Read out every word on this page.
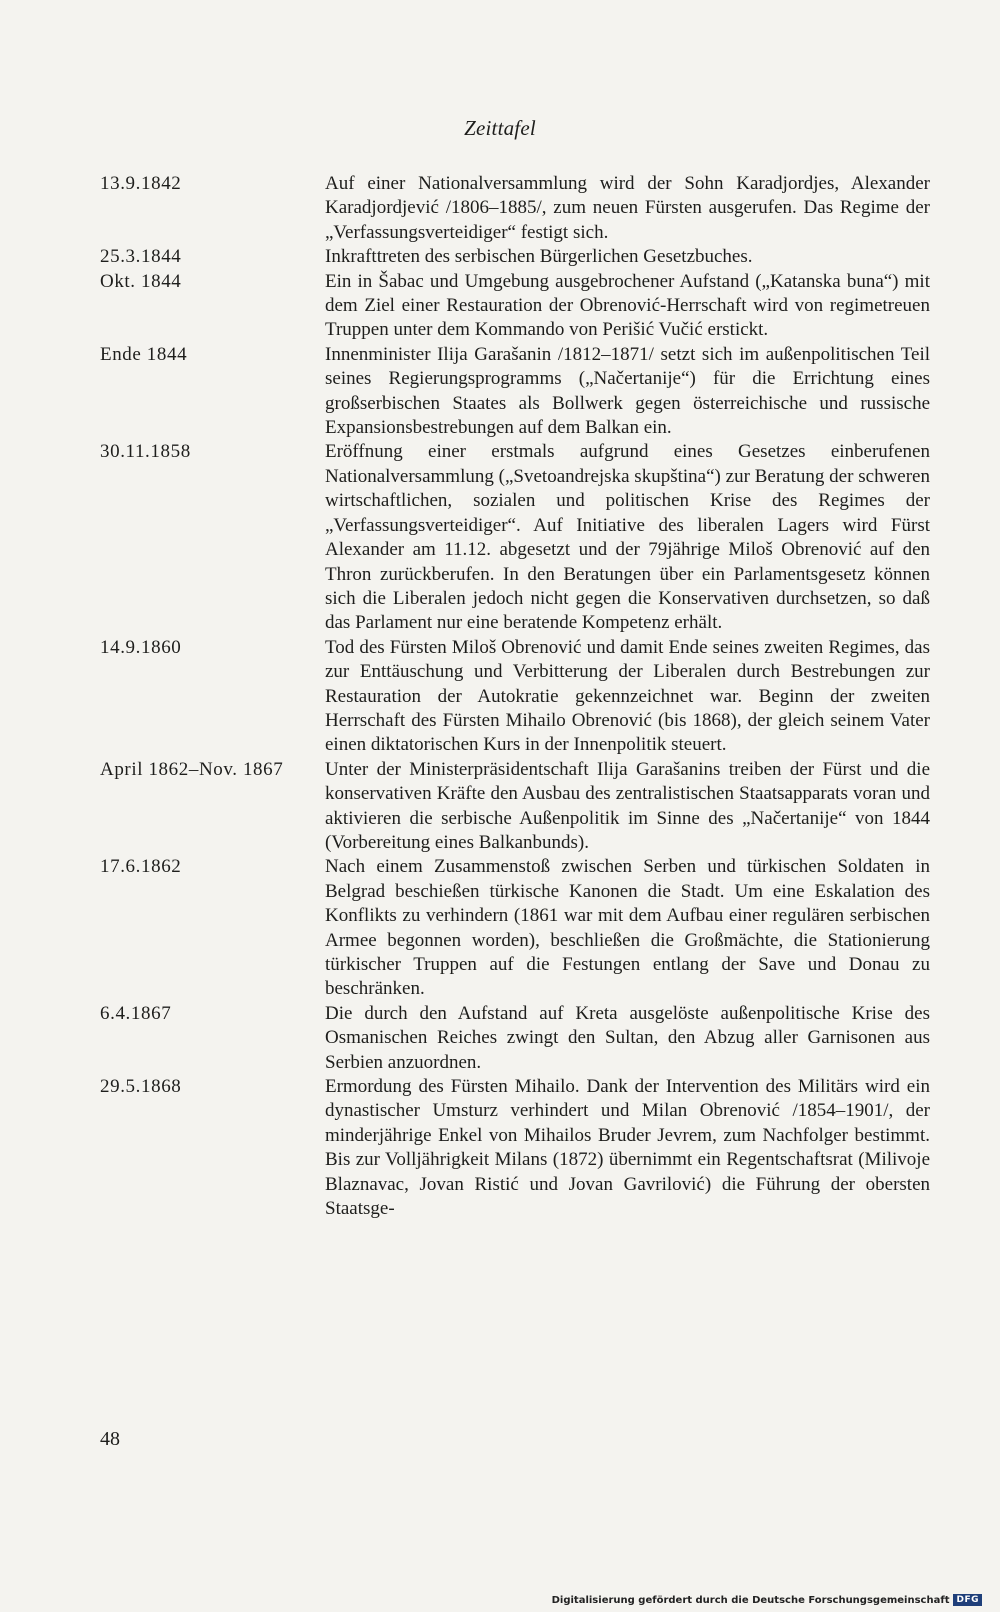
Zeittafel
13.9.1842	Auf einer Nationalversammlung wird der Sohn Karadjordjes, Alexander Karadjordjević /1806–1885/, zum neuen Fürsten ausgerufen. Das Regime der „Verfassungsverteidiger“ festigt sich.
25.3.1844	Inkrafttreten des serbischen Bürgerlichen Gesetzbuches.
Okt. 1844	Ein in Šabac und Umgebung ausgebrochener Aufstand („Katanska buna“) mit dem Ziel einer Restauration der Obrenović-Herrschaft wird von regimetreuen Truppen unter dem Kommando von Perišić Vučić erstickt.
Ende 1844	Innenminister Ilija Garašanin /1812–1871/ setzt sich im außenpolitischen Teil seines Regierungsprogramms („Načertanije“) für die Errichtung eines großserbischen Staates als Bollwerk gegen österreichische und russische Expansionsbestrebungen auf dem Balkan ein.
30.11.1858	Eröffnung einer erstmals aufgrund eines Gesetzes einberufenen Nationalversammlung („Svetoandrejska skupština“) zur Beratung der schweren wirtschaftlichen, sozialen und politischen Krise des Regimes der „Verfassungsverteidiger“. Auf Initiative des liberalen Lagers wird Fürst Alexander am 11.12. abgesetzt und der 79jährige Miloš Obrenović auf den Thron zurückberufen. In den Beratungen über ein Parlamentsgesetz können sich die Liberalen jedoch nicht gegen die Konservativen durchsetzen, so daß das Parlament nur eine beratende Kompetenz erhält.
14.9.1860	Tod des Fürsten Miloš Obrenović und damit Ende seines zweiten Regimes, das zur Enttäuschung und Verbitterung der Liberalen durch Bestrebungen zur Restauration der Autokratie gekennzeichnet war. Beginn der zweiten Herrschaft des Fürsten Mihailo Obrenović (bis 1868), der gleich seinem Vater einen diktatorischen Kurs in der Innenpolitik steuert.
April 1862–Nov. 1867	Unter der Ministerpräsidentschaft Ilija Garašanins treiben der Fürst und die konservativen Kräfte den Ausbau des zentralistischen Staatsapparats voran und aktivieren die serbische Außenpolitik im Sinne des „Načertanije“ von 1844 (Vorbereitung eines Balkanbunds).
17.6.1862	Nach einem Zusammenstoß zwischen Serben und türkischen Soldaten in Belgrad beschießen türkische Kanonen die Stadt. Um eine Eskalation des Konflikts zu verhindern (1861 war mit dem Aufbau einer regulären serbischen Armee begonnen worden), beschließen die Großmächte, die Stationierung türkischer Truppen auf die Festungen entlang der Save und Donau zu beschränken.
6.4.1867	Die durch den Aufstand auf Kreta ausgelöste außenpolitische Krise des Osmanischen Reiches zwingt den Sultan, den Abzug aller Garnisonen aus Serbien anzuordnen.
29.5.1868	Ermordung des Fürsten Mihailo. Dank der Intervention des Militärs wird ein dynastischer Umsturz verhindert und Milan Obrenović /1854–1901/, der minderjährige Enkel von Mihailos Bruder Jevrem, zum Nachfolger bestimmt. Bis zur Volljährigkeit Milans (1872) übernimmt ein Regentschaftsrat (Milivoje Blaznavac, Jovan Ristić und Jovan Gavrilović) die Führung der obersten Staatsge-
48
Digitalisierung gefördert durch die Deutsche Forschungsgemeinschaft DFG
